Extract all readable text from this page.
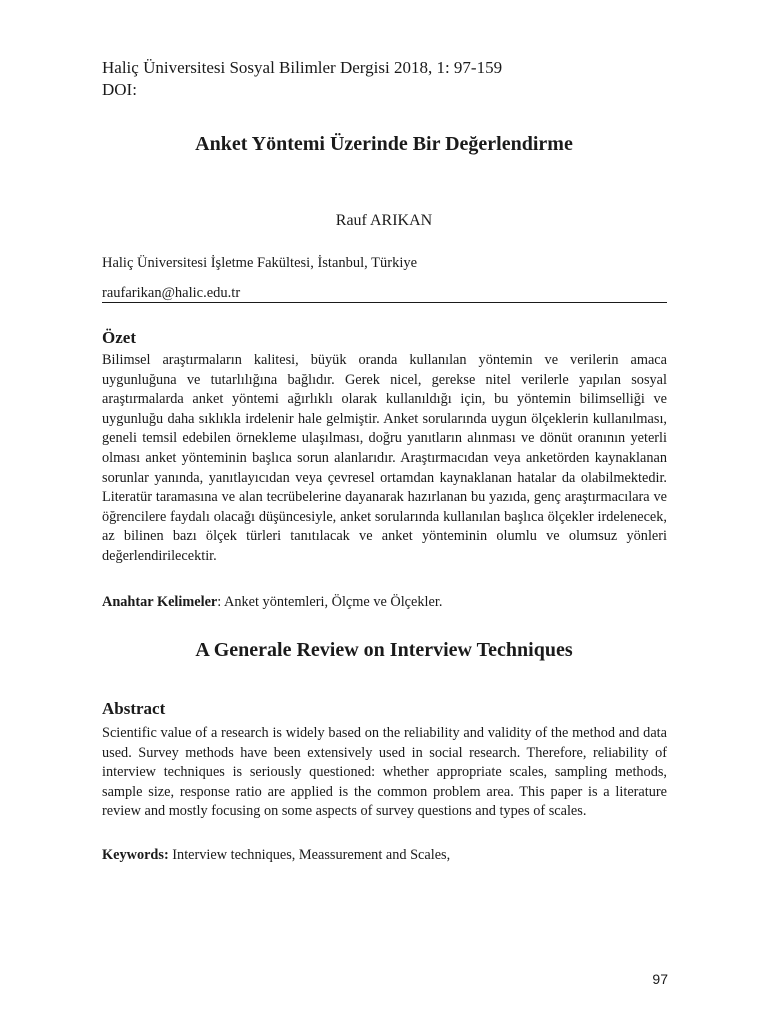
Haliç Üniversitesi Sosyal Bilimler Dergisi 2018, 1: 97-159
DOI:
Anket Yöntemi Üzerinde Bir Değerlendirme
Rauf ARIKAN
Haliç Üniversitesi İşletme Fakültesi, İstanbul, Türkiye
raufarikan@halic.edu.tr
Özet
Bilimsel araştırmaların kalitesi, büyük oranda kullanılan yöntemin ve verilerin amaca uygunluğuna ve tutarlılığına bağlıdır. Gerek nicel, gerekse nitel verilerle yapılan sosyal araştırmalarda anket yöntemi ağırlıklı olarak kullanıldığı için, bu yöntemin bilimselliği ve uygunluğu daha sıklıkla irdelenir hale gelmiştir. Anket sorularında uygun ölçeklerin kullanılması, geneli temsil edebilen örnekleme ulaşılması, doğru yanıtların alınması ve dönüt oranının yeterli olması anket yönteminin başlıca sorun alanlarıdır. Araştırmacıdan veya anketörden kaynaklanan sorunlar yanında, yanıtlayıcıdan veya çevresel ortamdan kaynaklanan hatalar da olabilmektedir. Literatür taramasına ve alan tecrübelerine dayanarak hazırlanan bu yazıda, genç araştırmacılara ve öğrencilere faydalı olacağı düşüncesiyle, anket sorularında kullanılan başlıca ölçekler irdelenecek, az bilinen bazı ölçek türleri tanıtılacak ve anket yönteminin olumlu ve olumsuz yönleri değerlendirilecektir.
Anahtar Kelimeler: Anket yöntemleri, Ölçme ve Ölçekler.
A Generale Review on Interview Techniques
Abstract
Scientific value of a research is widely based on the reliability and validity of the method and data used. Survey methods have been extensively used in social research. Therefore, reliability of interview techniques is seriously questioned: whether appropriate scales, sampling methods, sample size, response ratio are applied is the common problem area. This paper is a literature review and mostly focusing on some aspects of survey questions and types of scales.
Keywords: Interview techniques, Meassurement and Scales,
97
